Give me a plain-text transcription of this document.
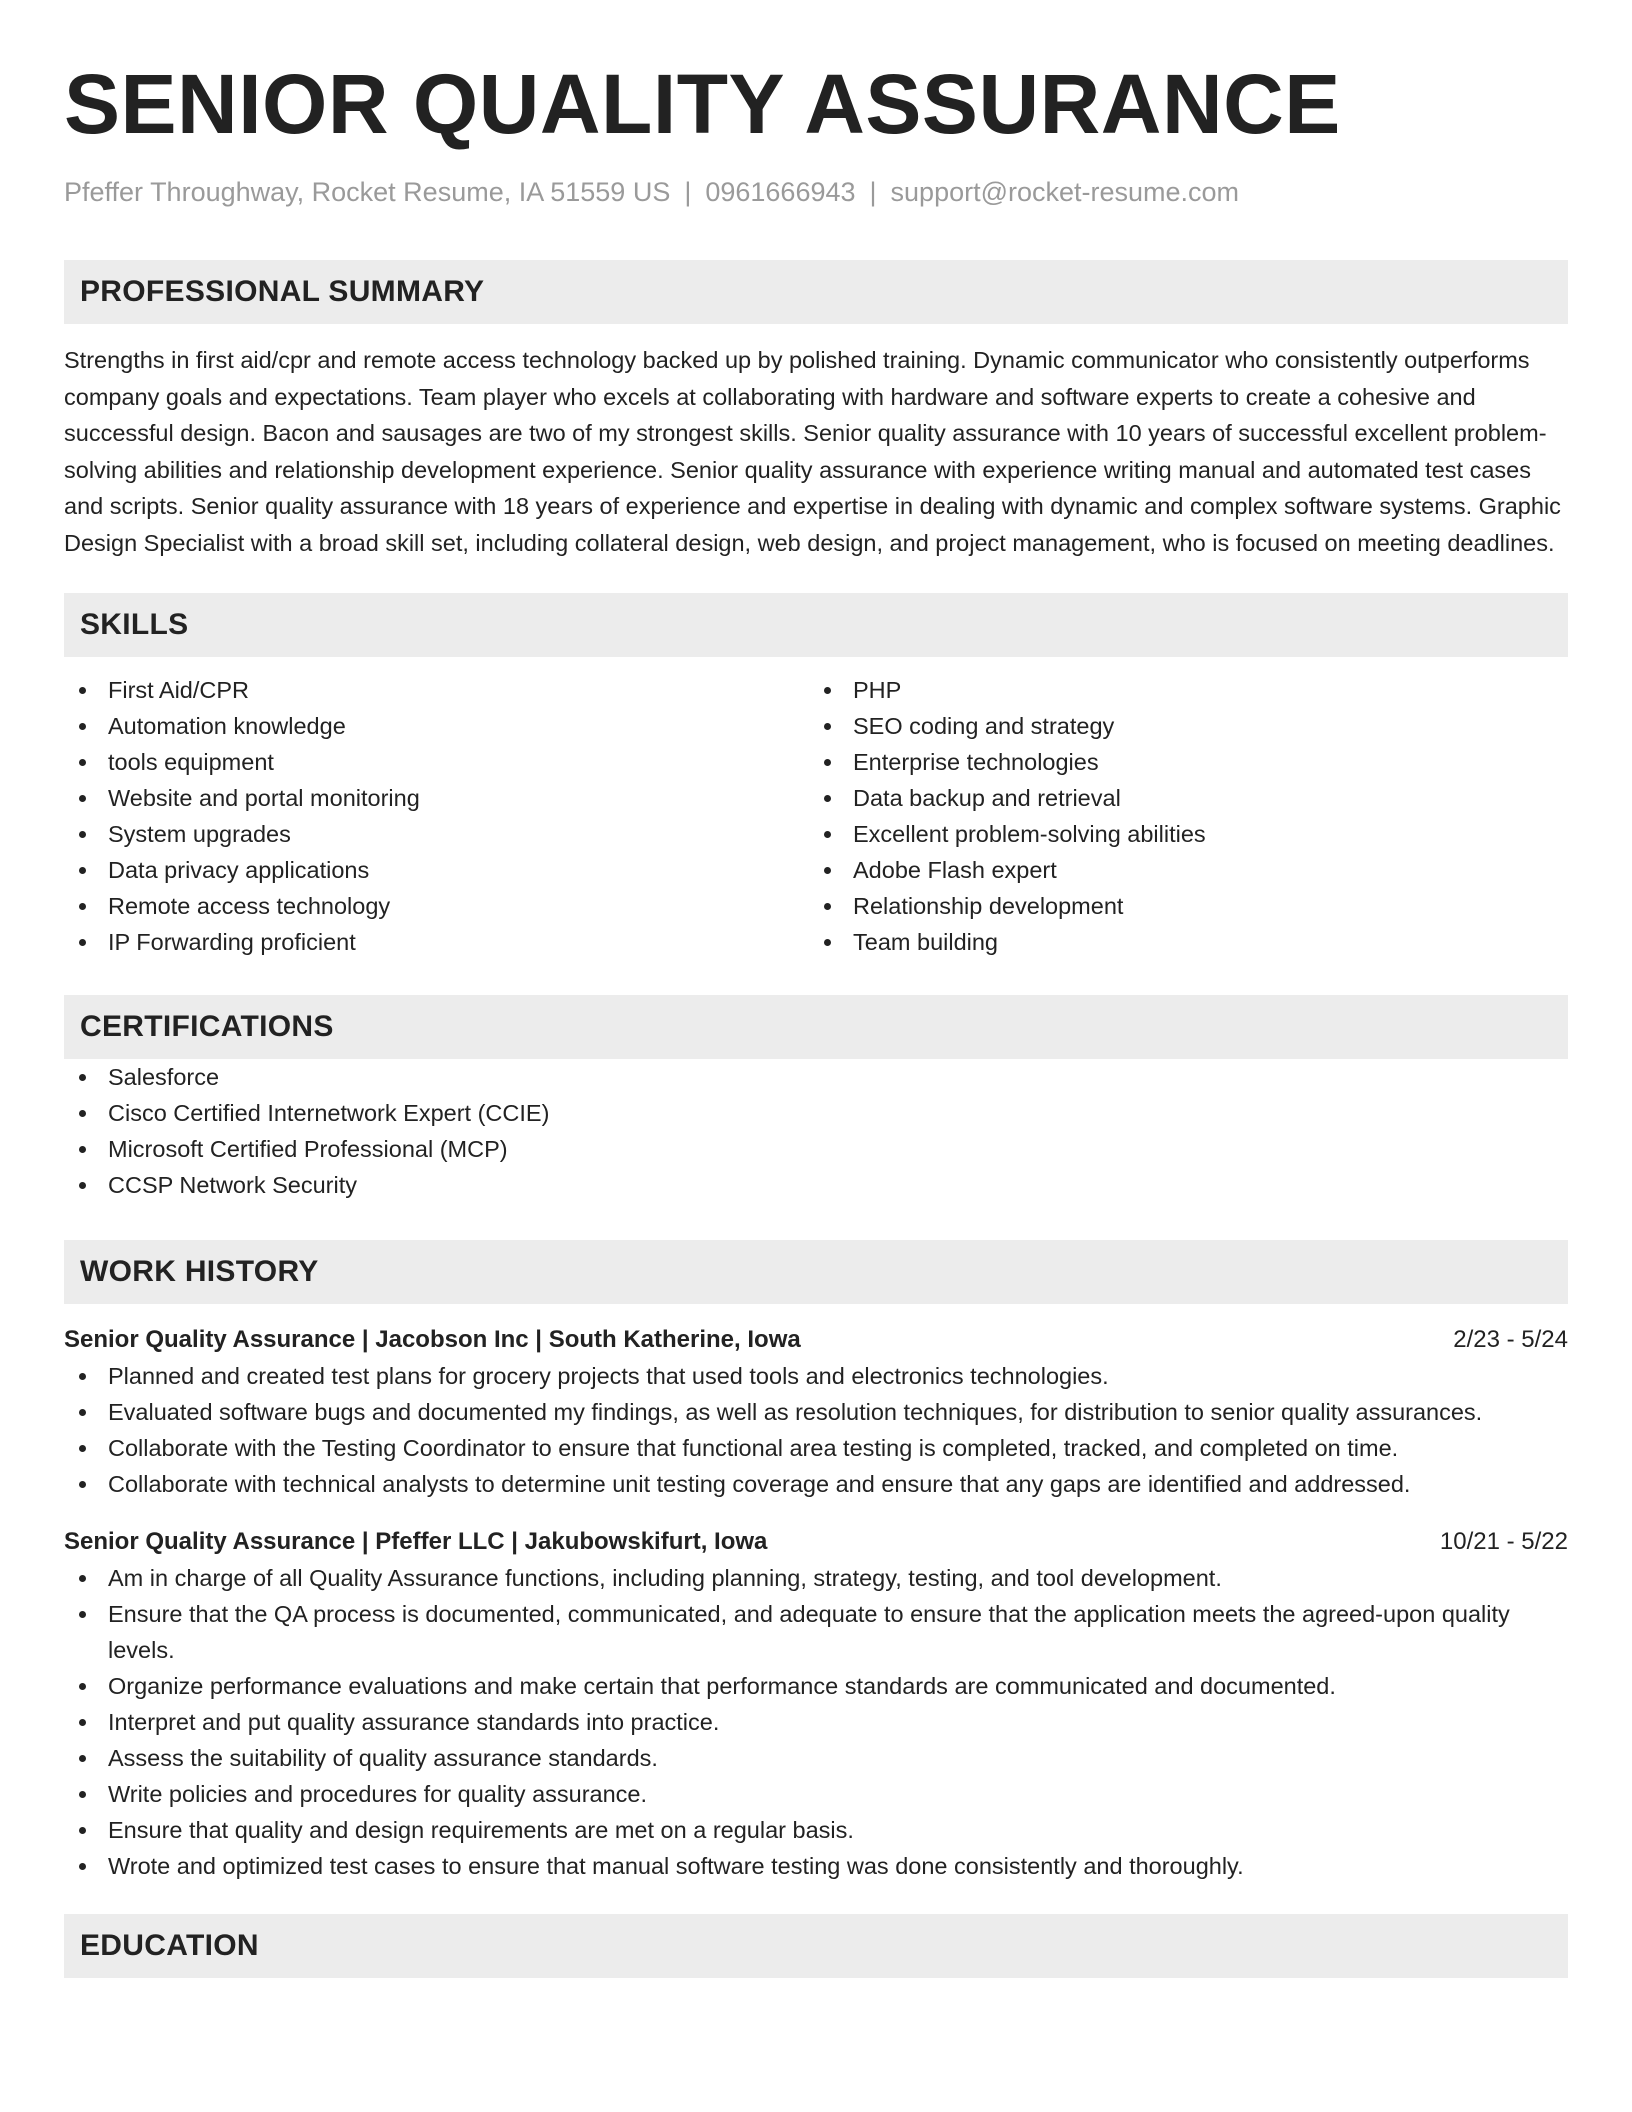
SENIOR QUALITY ASSURANCE
Pfeffer Throughway, Rocket Resume, IA 51559 US | 0961666943 | support@rocket-resume.com
PROFESSIONAL SUMMARY

Strengths in first aid/cpr and remote access technology backed up by polished training. Dynamic communicator who consistently outperforms company goals and expectations. Team player who excels at collaborating with hardware and software experts to create a cohesive and successful design. Bacon and sausages are two of my strongest skills. Senior quality assurance with 10 years of successful excellent problem-solving abilities and relationship development experience. Senior quality assurance with experience writing manual and automated test cases and scripts. Senior quality assurance with 18 years of experience and expertise in dealing with dynamic and complex software systems. Graphic Design Specialist with a broad skill set, including collateral design, web design, and project management, who is focused on meeting deadlines.

SKILLS
First Aid/CPR
Automation knowledge
tools equipment
Website and portal monitoring
System upgrades
Data privacy applications
Remote access technology
IP Forwarding proficient
PHP
SEO coding and strategy
Enterprise technologies
Data backup and retrieval
Excellent problem-solving abilities
Adobe Flash expert
Relationship development
Team building
CERTIFICATIONS
Salesforce
Cisco Certified Internetwork Expert (CCIE)
Microsoft Certified Professional (MCP)
CCSP Network Security
WORK HISTORY
Senior Quality Assurance | Jacobson Inc | South Katherine, Iowa	2/23 - 5/24
Planned and created test plans for grocery projects that used tools and electronics technologies.
Evaluated software bugs and documented my findings, as well as resolution techniques, for distribution to senior quality assurances.
Collaborate with the Testing Coordinator to ensure that functional area testing is completed, tracked, and completed on time.
Collaborate with technical analysts to determine unit testing coverage and ensure that any gaps are identified and addressed.
Senior Quality Assurance | Pfeffer LLC | Jakubowskifurt, Iowa	10/21 - 5/22
Am in charge of all Quality Assurance functions, including planning, strategy, testing, and tool development.
Ensure that the QA process is documented, communicated, and adequate to ensure that the application meets the agreed-upon quality levels.
Organize performance evaluations and make certain that performance standards are communicated and documented.
Interpret and put quality assurance standards into practice.
Assess the suitability of quality assurance standards.
Write policies and procedures for quality assurance.
Ensure that quality and design requirements are met on a regular basis.
Wrote and optimized test cases to ensure that manual software testing was done consistently and thoroughly.
EDUCATION
